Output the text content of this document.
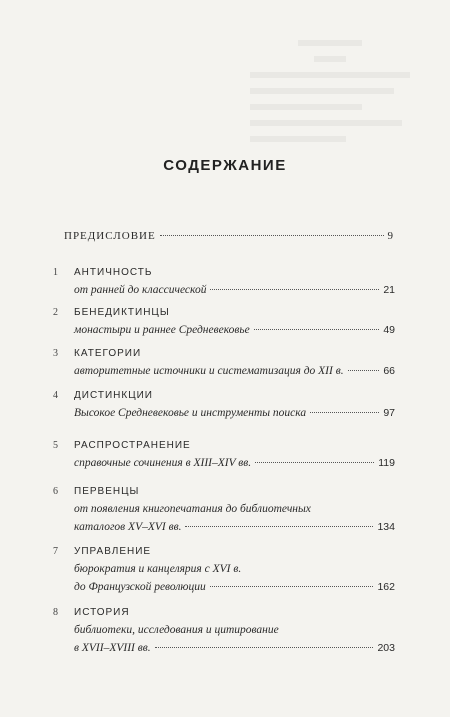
СОДЕРЖАНИЕ
ПРЕДИСЛОВИЕ	9
1 АНТИЧНОСТЬ
от ранней до классической	21
2 БЕНЕДИКТИНЦЫ
монастыри и раннее Средневековье	49
3 КАТЕГОРИИ
авторитетные источники и систематизация до XII в.	66
4 ДИСТИНКЦИИ
Высокое Средневековье и инструменты поиска	97
5 РАСПРОСТРАНЕНИЕ
справочные сочинения в XIII–XIV вв.	119
6 ПЕРВЕНЦЫ
от появления книгопечатания до библиотечных
каталогов XV–XVI вв.	134
7 УПРАВЛЕНИЕ
бюрократия и канцелярия с XVI в.
до Французской революции	162
8 ИСТОРИЯ
библиотеки, исследования и цитирование
в XVII–XVIII вв.	203
